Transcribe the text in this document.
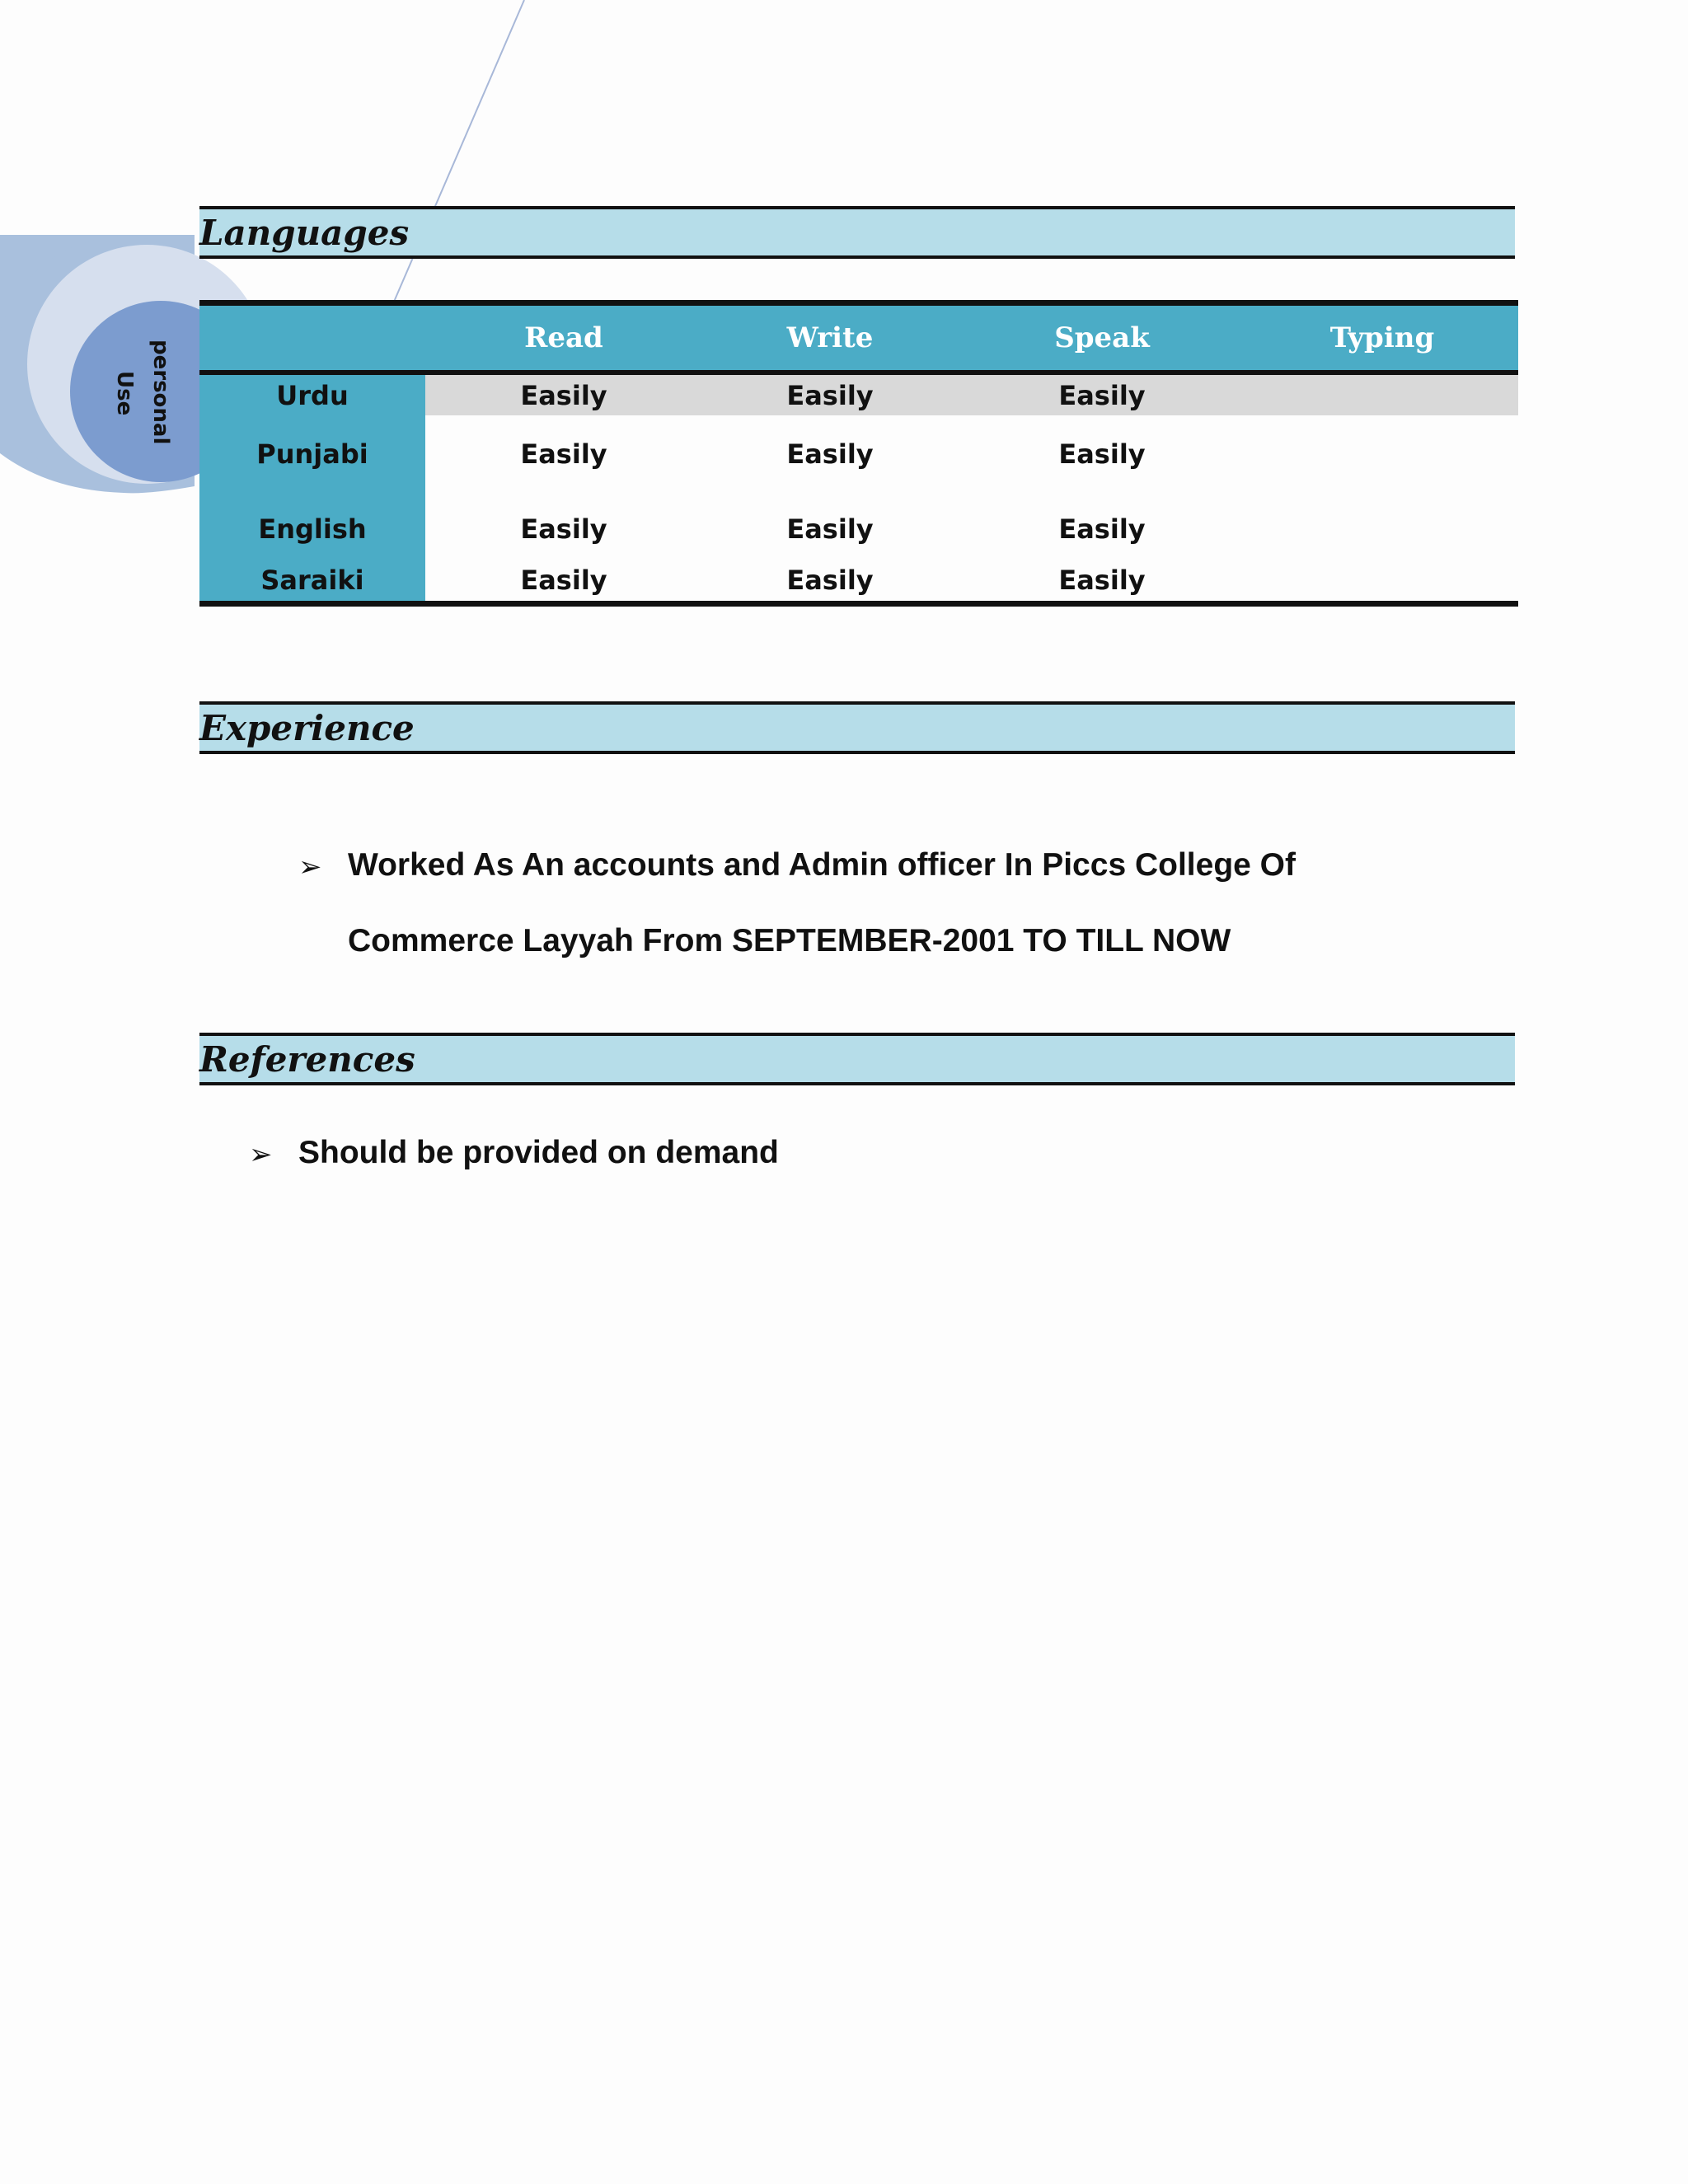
personal
Use
Languages
	Read	Write	Speak	Typing
Urdu	Easily	Easily	Easily	
Punjabi	Easily	Easily	Easily	
English	Easily	Easily	Easily	
Saraiki	Easily	Easily	Easily	
Experience
➢ Worked As An accounts and Admin officer In Piccs College Of
Commerce Layyah From SEPTEMBER-2001 TO TILL NOW
References
➢ Should be provided on demand
